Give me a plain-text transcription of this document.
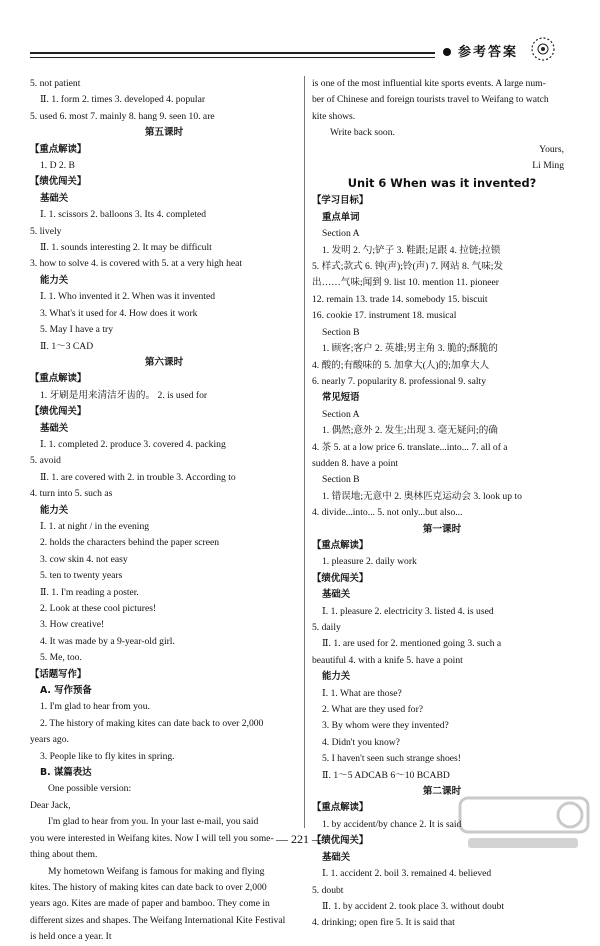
参考答案
5. not patient
Ⅱ. 1. form 2. times 3. developed 4. popular
5. used 6. most 7. mainly 8. hang 9. seen 10. are
第五课时
【重点解读】
1. D 2. B
【绩优闯关】
基础关
Ⅰ. 1. scissors 2. balloons 3. Its 4. completed
5. lively
Ⅱ. 1. sounds interesting 2. It may be difficult
3. how to solve 4. is covered with 5. at a very high heat
能力关
Ⅰ. 1. Who invented it 2. When was it invented
3. What's it used for 4. How does it work
5. May I have a try
Ⅱ. 1～3 CAD
第六课时
【重点解读】
1. 牙刷是用来清洁牙齿的。 2. is used for
【绩优闯关】
基础关
Ⅰ. 1. completed 2. produce 3. covered 4. packing
5. avoid
Ⅱ. 1. are covered with 2. in trouble 3. According to
4. turn into 5. such as
能力关
Ⅰ. 1. at night / in the evening
2. holds the characters behind the paper screen
3. cow skin 4. not easy
5. ten to twenty years
Ⅱ. 1. I'm reading a poster.
2. Look at these cool pictures!
3. How creative!
4. It was made by a 9-year-old girl.
5. Me, too.
【话题写作】
A. 写作预备
1. I'm glad to hear from you.
2. The history of making kites can date back to over 2,000
years ago.
3. People like to fly kites in spring.
B. 谋篇表达
One possible version:
Dear Jack,
I'm glad to hear from you. In your last e-mail, you said
you were interested in Weifang kites. Now I will tell you some-
thing about them.
My hometown Weifang is famous for making and flying
kites. The history of making kites can date back to over 2,000
years ago. Kites are made of paper and bamboo. They come in
different sizes and shapes. The Weifang International Kite Festival
is held once a year. It
is one of the most influential kite sports events. A large num-
ber of Chinese and foreign tourists travel to Weifang to watch
kite shows.
Write back soon.
Yours,
Li Ming
Unit 6 When was it invented?
【学习目标】
重点单词
Section A
1. 发明 2. 勺;铲子 3. 鞋跟;足跟 4. 拉链;拉锁
5. 样式;款式 6. 钟(声);铃(声) 7. 网站 8. 气味;发
出……气味;闻到 9. list 10. mention 11. pioneer
12. remain 13. trade 14. somebody 15. biscuit
16. cookie 17. instrument 18. musical
Section B
1. 顾客;客户 2. 英雄;男主角 3. 脆的;酥脆的
4. 酸的;有酸味的 5. 加拿大(人)的;加拿大人
6. nearly 7. popularity 8. professional 9. salty
常见短语
Section A
1. 偶然;意外 2. 发生;出现 3. 毫无疑问;的确
4. 茶 5. at a low price 6. translate...into... 7. all of a
sudden 8. have a point
Section B
1. 错误地;无意中 2. 奥林匹克运动会 3. look up to
4. divide...into... 5. not only...but also...
第一课时
【重点解读】
1. pleasure 2. daily work
【绩优闯关】
基础关
Ⅰ. 1. pleasure 2. electricity 3. listed 4. is used
5. daily
Ⅱ. 1. are used for 2. mentioned going 3. such a
beautiful 4. with a knife 5. have a point
能力关
Ⅰ. 1. What are those?
2. What are they used for?
3. By whom were they invented?
4. Didn't you know?
5. I haven't seen such strange shoes!
Ⅱ. 1～5 ADCAB 6～10 BCABD
第二课时
【重点解读】
1. by accident/by chance 2. It is said
【绩优闯关】
基础关
Ⅰ. 1. accident 2. boil 3. remained 4. believed
5. doubt
Ⅱ. 1. by accident 2. took place 3. without doubt
4. drinking; open fire 5. It is said that
— 221 —
